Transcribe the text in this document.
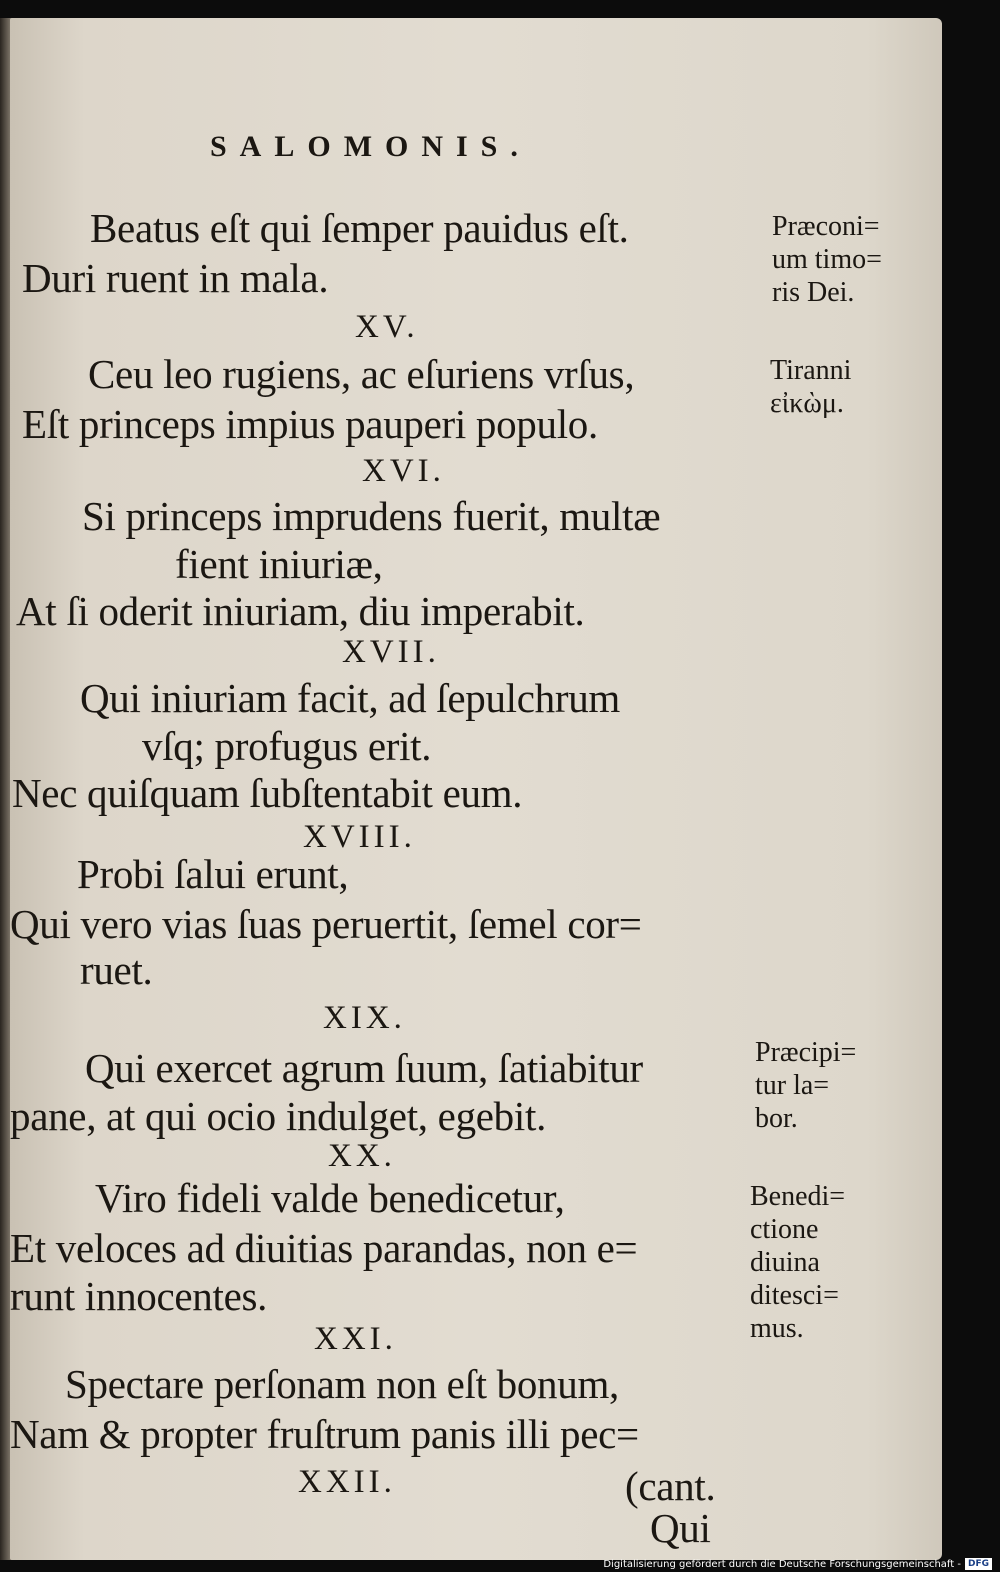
SALOMONIS.
Beatus eſt qui ſemper pauidus eſt.
Duri ruent in mala.
XV.
Ceu leo rugiens, ac eſuriens vrſus,
Eſt princeps impius pauperi populo.
XVI.
Si princeps imprudens fuerit, multæ
fient iniuriæ,
At ſi oderit iniuriam, diu imperabit.
XVII.
Qui iniuriam facit, ad ſepulchrum
vſq; profugus erit.
Nec quiſquam ſubſtentabit eum.
XVIII.
Probi ſalui erunt,
Qui vero vias ſuas peruertit, ſemel cor=
ruet.
XIX.
Qui exercet agrum ſuum, ſatiabitur
pane, at qui ocio indulget, egebit.
XX.
Viro fideli valde benedicetur,
Et veloces ad diuitias parandas, non e=
runt innocentes.
XXI.
Spectare perſonam non eſt bonum,
Nam & propter fruſtrum panis illi pec=
XXII.	(cant.
Qui
Præconi=
um timo=
ris Dei.
Tiranni
εἰκὼμ.
Præcipi=
tur la=
bor.
Benedi=
ctione
diuina
ditesci=
mus.
Digitalisierung gefördert durch die Deutsche Forschungsgemeinschaft - DFG
